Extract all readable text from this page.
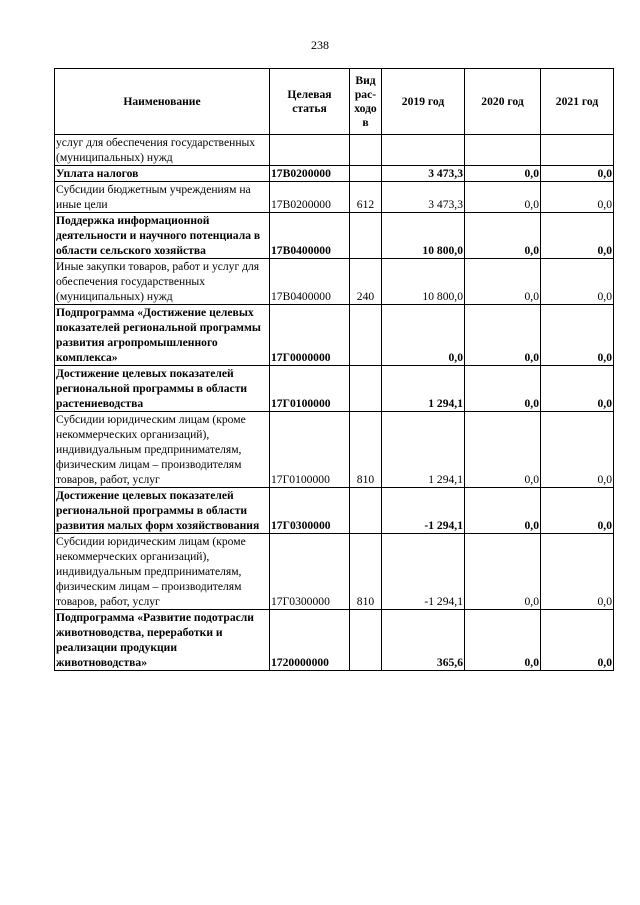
238
Наименование	Целевая статья	Вид рас-ходов	2019 год	2020 год	2021 год
услуг для обеспечения государственных (муниципальных) нужд					
Уплата налогов	17В0200000		3 473,3	0,0	0,0
Субсидии бюджетным учреждениям на иные цели	17В0200000	612	3 473,3	0,0	0,0
Поддержка информационной деятельности и научного потенциала в области сельского хозяйства	17В0400000		10 800,0	0,0	0,0
Иные закупки товаров, работ и услуг для обеспечения государственных (муниципальных) нужд	17В0400000	240	10 800,0	0,0	0,0
Подпрограмма «Достижение целевых показателей региональной программы развития агропромышленного комплекса»	17Г0000000		0,0	0,0	0,0
Достижение целевых показателей региональной программы в области растениеводства	17Г0100000		1 294,1	0,0	0,0
Субсидии юридическим лицам (кроме некоммерческих организаций), индивидуальным предпринимателям, физическим лицам – производителям товаров, работ, услуг	17Г0100000	810	1 294,1	0,0	0,0
Достижение целевых показателей региональной программы в области развития малых форм хозяйствования	17Г0300000		-1 294,1	0,0	0,0
Субсидии юридическим лицам (кроме некоммерческих организаций), индивидуальным предпринимателям, физическим лицам – производителям товаров, работ, услуг	17Г0300000	810	-1 294,1	0,0	0,0
Подпрограмма «Развитие подотрасли животноводства, переработки и реализации продукции животноводства»	1720000000		365,6	0,0	0,0
